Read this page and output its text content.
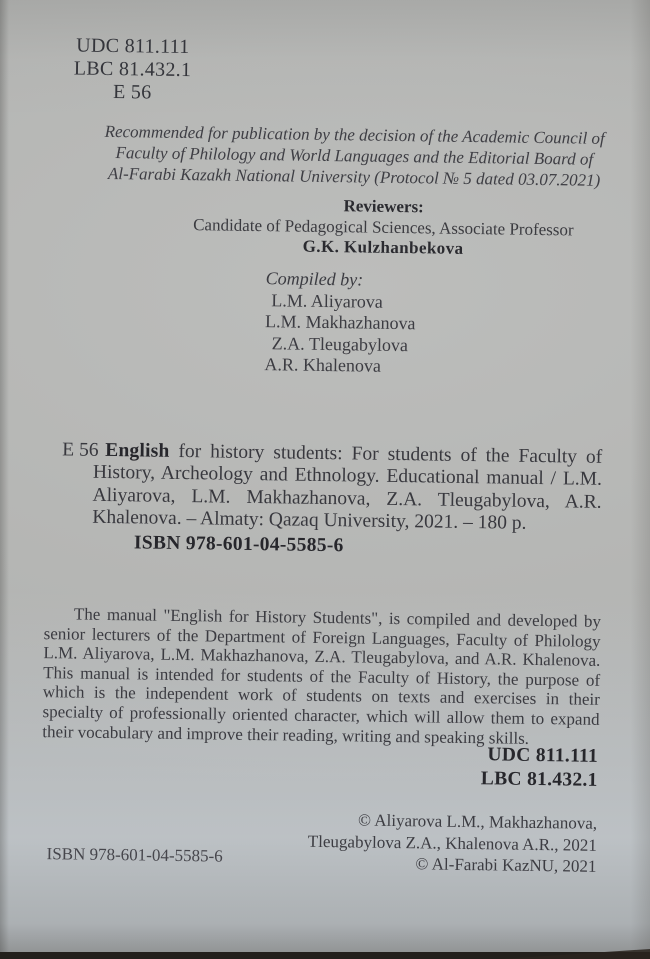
UDC 811.111
LBC 81.432.1
E 56
Recommended for publication by the decision of the Academic Council of
Faculty of Philology and World Languages and the Editorial Board of
Al-Farabi Kazakh National University (Protocol № 5 dated 03.07.2021)
Reviewers:
Candidate of Pedagogical Sciences, Associate Professor
G.K. Kulzhanbekova
Compiled by:
L.M. Aliyarova
L.M. Makhazhanova
Z.A. Tleugabylova
A.R. Khalenova
E 56 English for history students: For students of the Faculty of History, Archeology and Ethnology. Educational manual / L.M. Aliyarova, L.M. Makhazhanova, Z.A. Tleugabylova, A.R. Khalenova. – Almaty: Qazaq University, 2021. – 180 p.

ISBN 978-601-04-5585-6

The manual "English for History Students", is compiled and developed by senior lecturers of the Department of Foreign Languages, Faculty of Philology L.M. Aliyarova, L.M. Makhazhanova, Z.A. Tleugabylova, and A.R. Khalenova. This manual is intended for students of the Faculty of History, the purpose of which is the independent work of students on texts and exercises in their specialty of professionally oriented character, which will allow them to expand their vocabulary and improve their reading, writing and speaking skills.

UDC 811.111
LBC 81.432.1
© Aliyarova L.M., Makhazhanova,
Tleugabylova Z.A., Khalenova A.R., 2021
© Al-Farabi KazNU, 2021
ISBN 978-601-04-5585-6
